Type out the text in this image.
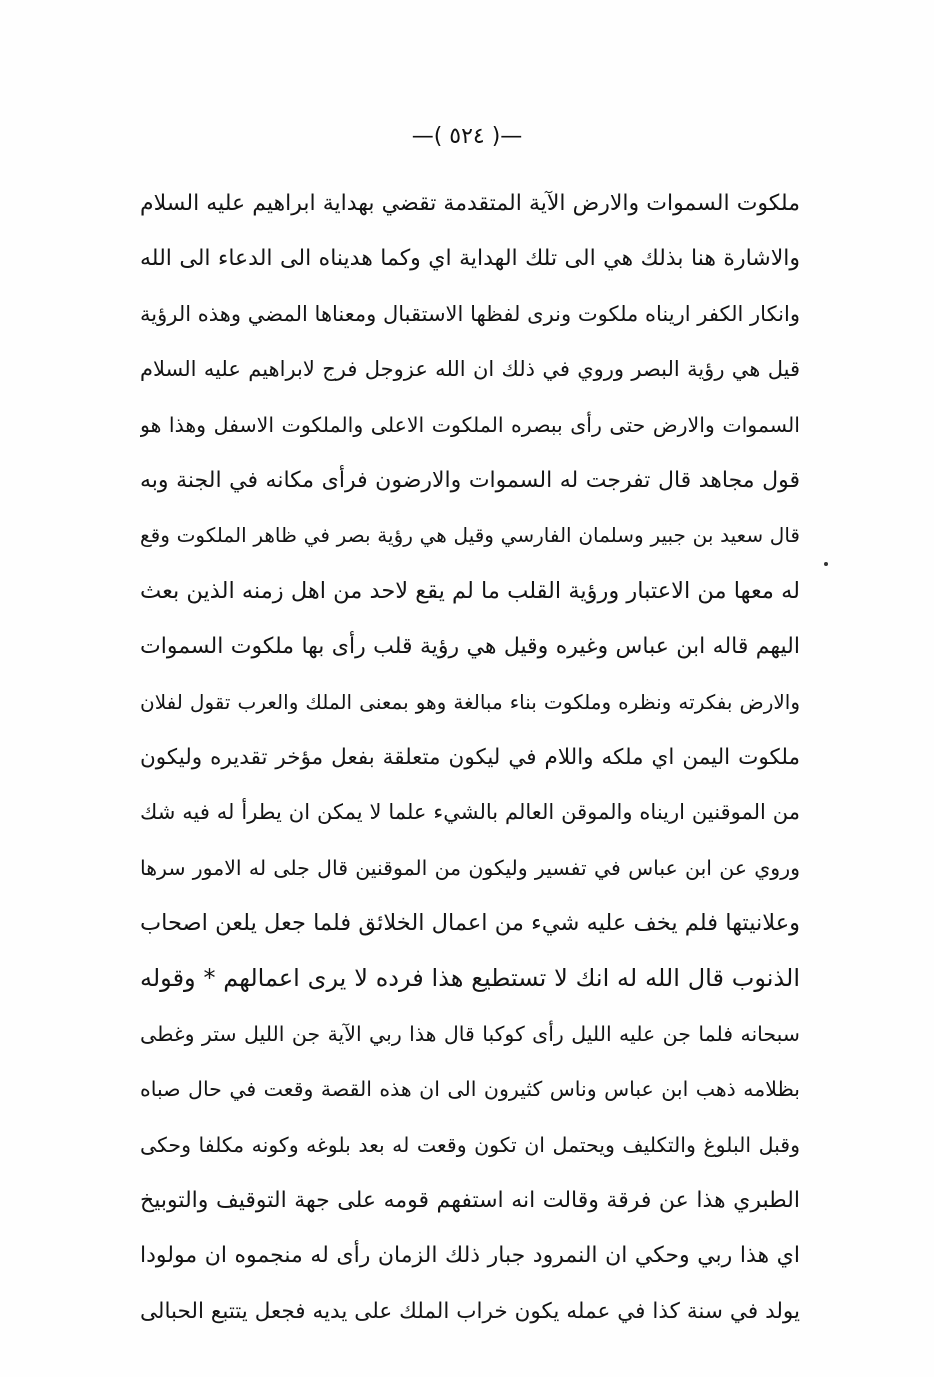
—( ٥٢٤ )—
ملكوت السموات والارض الآية المتقدمة تقضي بهداية ابراهيم عليه السلام
والاشارة هنا بذلك هي الى تلك الهداية اي وكما هديناه الى الدعاء الى الله
وانكار الكفر اريناه ملكوت ونرى لفظها الاستقبال ومعناها المضي وهذه الرؤية
قيل هي رؤية البصر وروي في ذلك ان الله عزوجل فرج لابراهيم عليه السلام
السموات والارض حتى رأى ببصره الملكوت الاعلى والملكوت الاسفل وهذا هو
قول مجاهد قال تفرجت له السموات والارضون فرأى مكانه في الجنة وبه
قال سعيد بن جبير وسلمان الفارسي وقيل هي رؤية بصر في ظاهر الملكوت وقع
له معها من الاعتبار ورؤية القلب ما لم يقع لاحد من اهل زمنه الذين بعث
اليهم قاله ابن عباس وغيره وقيل هي رؤية قلب رأى بها ملكوت السموات
والارض بفكرته ونظره وملكوت بناء مبالغة وهو بمعنى الملك والعرب تقول لفلان
ملكوت اليمن اي ملكه واللام في ليكون متعلقة بفعل مؤخر تقديره وليكون
من الموقنين اريناه والموقن العالم بالشيء علما لا يمكن ان يطرأ له فيه شك
وروي عن ابن عباس في تفسير وليكون من الموقنين قال جلى له الامور سرها
وعلانيتها فلم يخف عليه شيء من اعمال الخلائق فلما جعل يلعن اصحاب
الذنوب قال الله له انك لا تستطيع هذا فرده لا يرى اعمالهم * وقوله
سبحانه فلما جن عليه الليل رأى كوكبا قال هذا ربي الآية جن الليل ستر وغطى
بظلامه ذهب ابن عباس وناس كثيرون الى ان هذه القصة وقعت في حال صباه
وقبل البلوغ والتكليف ويحتمل ان تكون وقعت له بعد بلوغه وكونه مكلفا وحكى
الطبري هذا عن فرقة وقالت انه استفهم قومه على جهة التوقيف والتوبيخ
اي هذا ربي وحكي ان النمرود جبار ذلك الزمان رأى له منجموه ان مولودا
يولد في سنة كذا في عمله يكون خراب الملك على يديه فجعل يتتبع الحبالى
